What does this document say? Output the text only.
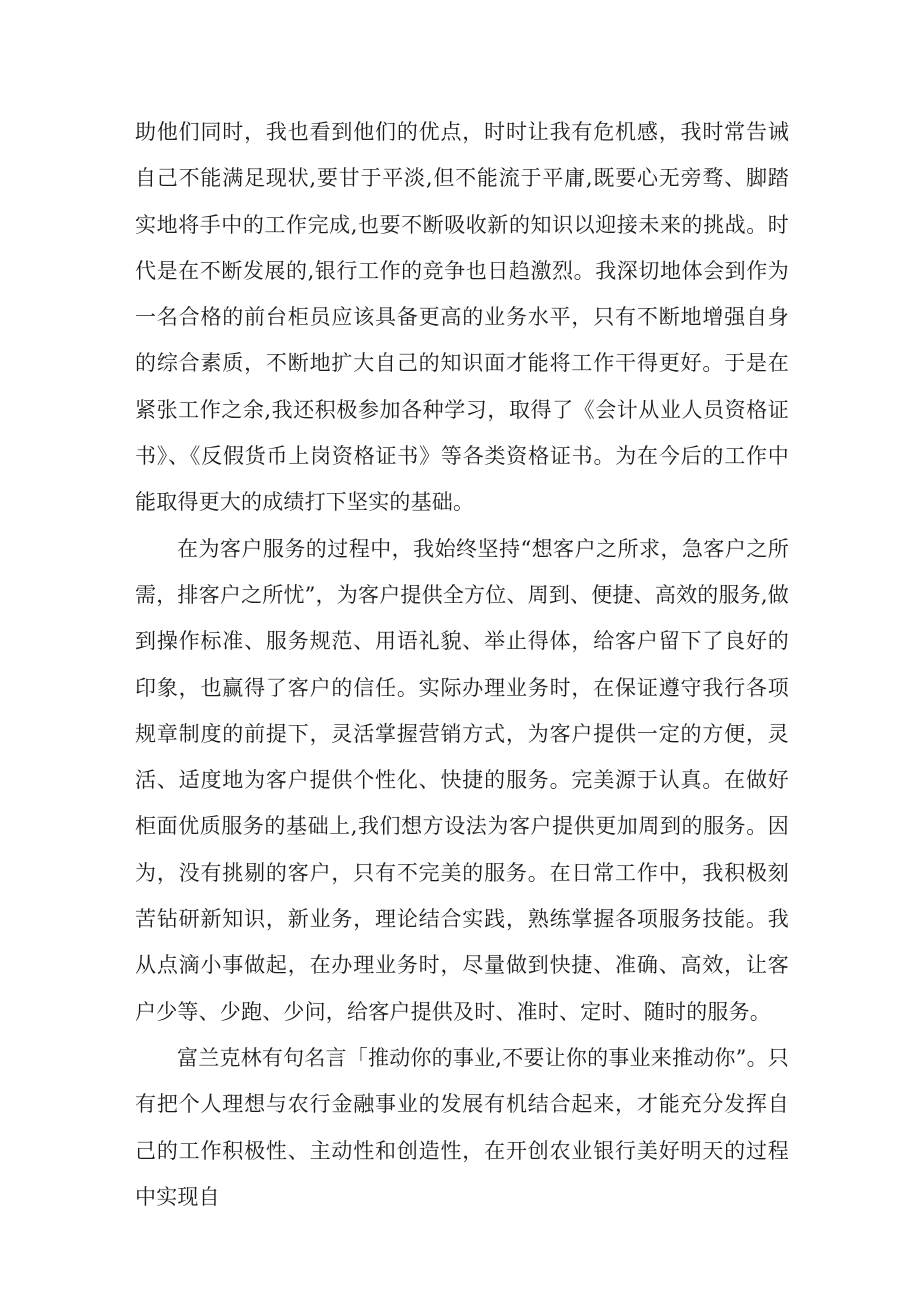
助他们同时，我也看到他们的优点，时时让我有危机感，我时常告诫自己不能满足现状,要甘于平淡,但不能流于平庸,既要心无旁骛、脚踏实地将手中的工作完成,也要不断吸收新的知识以迎接未来的挑战。时代是在不断发展的,银行工作的竞争也日趋激烈。我深切地体会到作为一名合格的前台柜员应该具备更高的业务水平，只有不断地增强自身的综合素质，不断地扩大自己的知识面才能将工作干得更好。于是在紧张工作之余,我还积极参加各种学习，取得了《会计从业人员资格证书》、《反假货币上岗资格证书》等各类资格证书。为在今后的工作中能取得更大的成绩打下坚实的基础。

在为客户服务的过程中，我始终坚持“想客户之所求，急客户之所需，排客户之所忧”，为客户提供全方位、周到、便捷、高效的服务,做到操作标准、服务规范、用语礼貌、举止得体，给客户留下了良好的印象，也赢得了客户的信任。实际办理业务时，在保证遵守我行各项规章制度的前提下，灵活掌握营销方式，为客户提供一定的方便，灵活、适度地为客户提供个性化、快捷的服务。完美源于认真。在做好柜面优质服务的基础上,我们想方设法为客户提供更加周到的服务。因为，没有挑剔的客户，只有不完美的服务。在日常工作中，我积极刻苦钻研新知识，新业务，理论结合实践，熟练掌握各项服务技能。我从点滴小事做起，在办理业务时，尽量做到快捷、准确、高效，让客户少等、少跑、少问，给客户提供及时、准时、定时、随时的服务。

富兰克林有句名言「推动你的事业,不要让你的事业来推动你”。只有把个人理想与农行金融事业的发展有机结合起来，才能充分发挥自己的工作积极性、主动性和创造性，在开创农业银行美好明天的过程中实现自
